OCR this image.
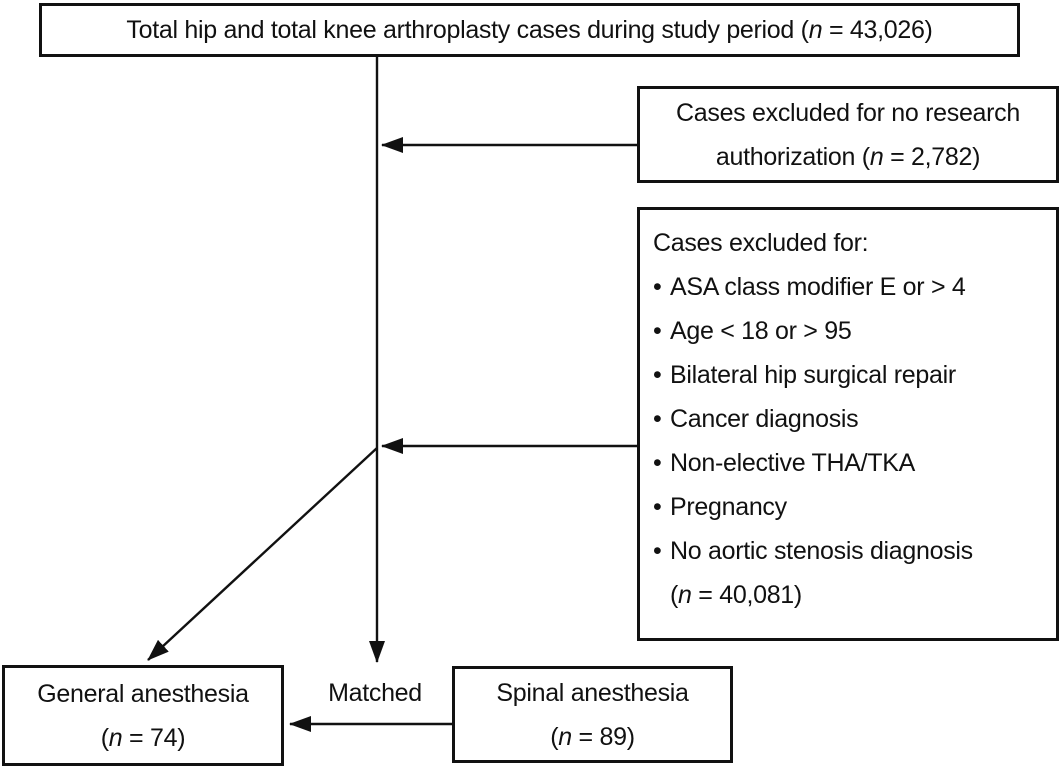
Total hip and total knee arthroplasty cases during study period (n = 43,026)
Cases excluded for no research authorization (n = 2,782)
Cases excluded for:
• ASA class modifier E or > 4
• Age < 18 or > 95
• Bilateral hip surgical repair
• Cancer diagnosis
• Non-elective THA/TKA
• Pregnancy
• No aortic stenosis diagnosis
(n = 40,081)
General anesthesia
(n = 74)
Matched	Spinal anesthesia
(n = 89)
